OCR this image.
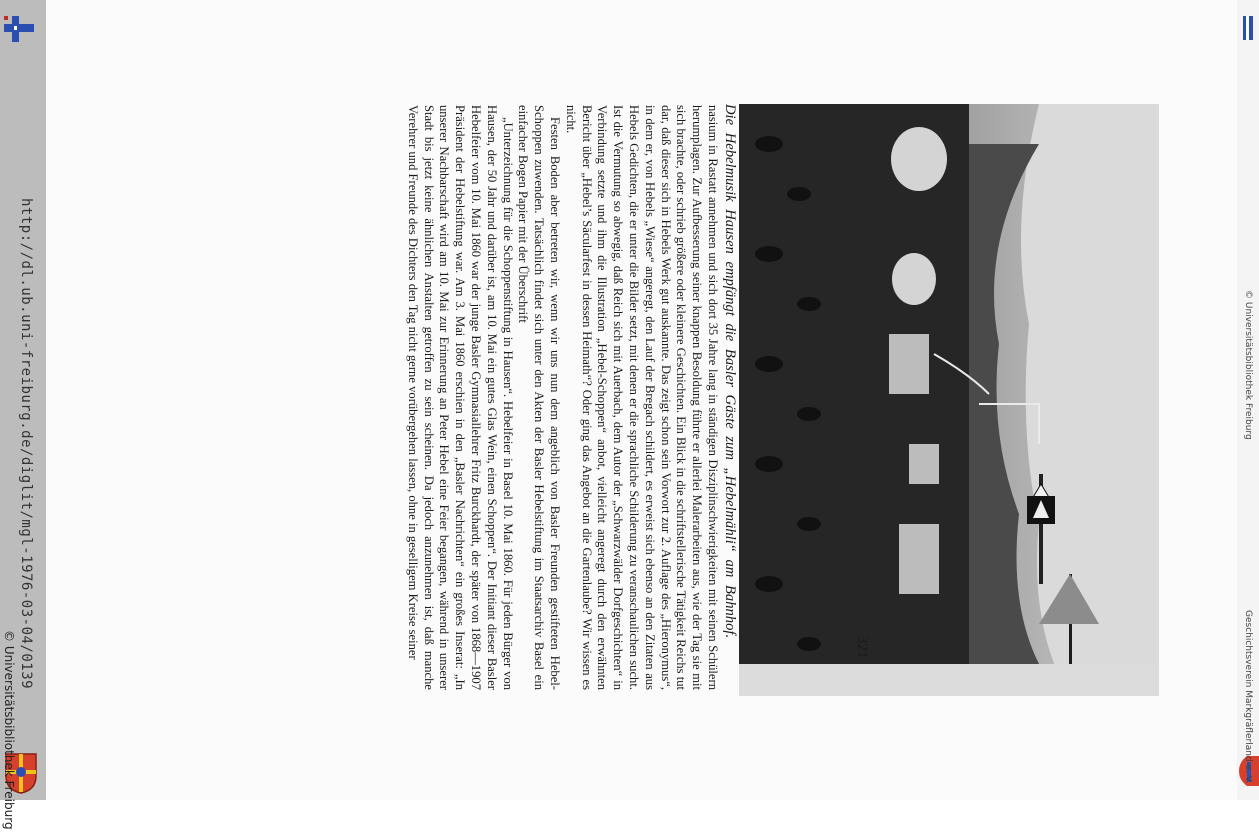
http://dl.ub.uni-freiburg.de/diglit/mgl-1976-03-04/0139
© Universitätsbibliothek Freiburg

Die Hebelmusik Hausen empfängt die Basler Gäste zum „Hebelmähli“ am Bahnhof.

nasium in Rastatt annehmen und sich dort 35 Jahre lang in ständigen Disziplinschwierigkeiten mit seinen Schülern herumplagen. Zur Aufbesserung seiner knappen Besoldung führte er allerlei Malerarbeiten aus, wie der Tag sie mit sich brachte, oder schrieb größere oder kleinere Geschichten. Ein Blick in die schriftstellerische Tätigkeit Reichs tut dar, daß dieser sich in Hebels Werk gut auskannte. Das zeigt schon sein Vorwort zur 2. Auflage des „Hieronymus“, in dem er, von Hebels „Wiese“ angeregt, den Lauf der Bregach schildert, es erweist sich ebenso an den Zitaten aus Hebels Gedichten, die er unter die Bilder setzt, mit denen er die sprachliche Schilderung zu veranschaulichen sucht. Ist die Vermutung so abwegig, daß Reich sich mit Auerbach, dem Autor der „Schwarzwälder Dorfgeschichten“ in Verbindung setzte und ihm die Illustration „Hebel-Schoppen“ anbot, vielleicht angeregt durch den erwähnten Bericht über „Hebel’s Säcularfest in dessen Heimath“? Oder ging das Angebot an die Gartenlaube? Wir wissen es nicht.

Festen Boden aber betreten wir, wenn wir uns nun dem angeblich von Basler Freunden gestifteten Hebel-Schoppen zuwenden. Tatsächlich findet sich unter den Akten der Basler Hebelstiftung im Staatsarchiv Basel ein einfacher Bogen Papier mit der Überschrift

„Unterzeichnung für die Schoppenstiftung in Hausen“. Hebelfeier in Basel 10. Mai 1860. Für jeden Bürger von Hausen, der 50 Jahr und darüber ist, am 10. Mai ein gutes Glas Wein, einen Schoppen“. Der Initiant dieser Basler Hebelfeier vom 10. Mai 1860 war der junge Basler Gymnasiallehrer Fritz Burckhardt, der später von 1868—1907 Präsident der Hebelstiftung war. Am 3. Mai 1860 erschien in den „Basler Nachrichten“ ein großes Inserat: „In unserer Nachbarschaft wird am 10. Mai zur Erinnerung an Peter Hebel eine Feier begangen, während in unserer Stadt bis jetzt keine ähnlichen Anstalten getroffen zu sein scheinen. Da jedoch anzunehmen ist, daß manche Verehrer und Freunde des Dichters den Tag nicht gerne vorübergehen lassen, ohne in geselligem Kreise seiner	321
© Universitätsbibliothek Freiburg
Geschichtsverein Markgräflerland e. V.
